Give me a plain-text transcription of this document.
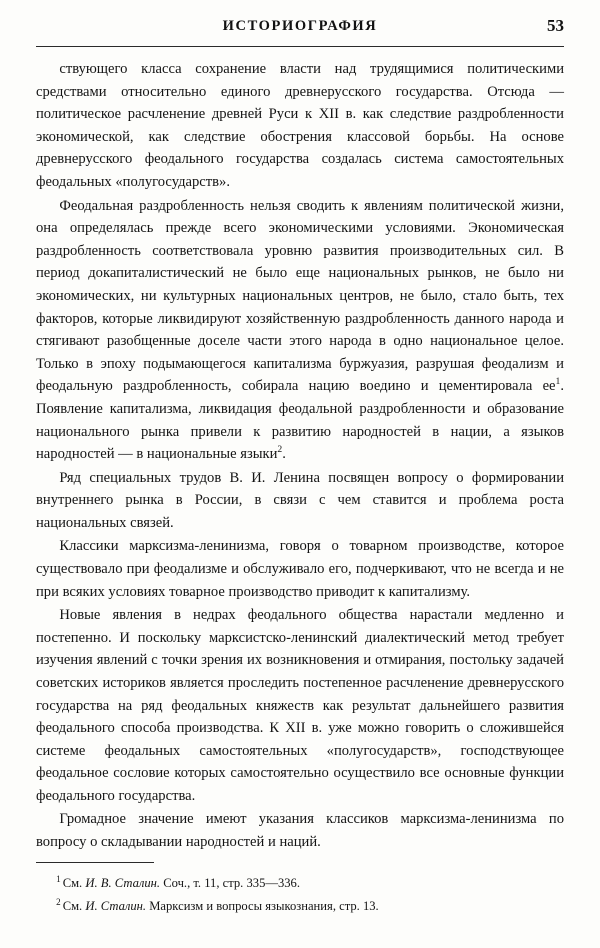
ИСТОРИОГРАФИЯ	53

ствующего класса сохранение власти над трудящимися политическими средствами относительно единого древнерусского государства. Отсюда — политическое расчленение древней Руси к XII в. как следствие раздробленности экономической, как следствие обострения классовой борьбы. На основе древнерусского феодального государства создалась система самостоятельных феодальных «полугосударств».

Феодальная раздробленность нельзя сводить к явлениям политической жизни, она определялась прежде всего экономическими условиями. Экономическая раздробленность соответствовала уровню развития производительных сил. В период докапиталистический не было еще национальных рынков, не было ни экономических, ни культурных национальных центров, не было, стало быть, тех факторов, которые ликвидируют хозяйственную раздробленность данного народа и стягивают разобщенные доселе части этого народа в одно национальное целое. Только в эпоху подымающегося капитализма буржуазия, разрушая феодализм и феодальную раздробленность, собирала нацию воедино и цементировала $ее^1$. Появление капитализма, ликвидация феодальной раздробленности и образование национального рынка привели к развитию народностей в нации, а языков народностей — в национальные языки$^2$.

Ряд специальных трудов В. И. Ленина посвящен вопросу о формировании внутреннего рынка в России, в связи с чем ставится и проблема роста национальных связей.

Классики марксизма-ленинизма, говоря о товарном производстве, которое существовало при феодализме и обслуживало его, подчеркивают, что не всегда и не при всяких условиях товарное производство приводит к капитализму.

Новые явления в недрах феодального общества нарастали медленно и постепенно. И поскольку марксистско-ленинский диалектический метод требует изучения явлений с точки зрения их возникновения и отмирания, постольку задачей советских историков является проследить постепенное расчленение древнерусского государства на ряд феодальных княжеств как результат дальнейшего развития феодального способа производства. К XII в. уже можно говорить о сложившейся системе феодальных самостоятельных «полугосударств», господствующее феодальное сословие которых самостоятельно осуществило все основные функции феодального государства.

Громадное значение имеют указания классиков марксизма-ленинизма по вопросу о складывании народностей и наций.

$^1$ См. И. В. Сталин. Соч., т. 11, стр. 335—336.

$^2$ См. И. Сталин. Марксизм и вопросы языкознания, стр. 13.
